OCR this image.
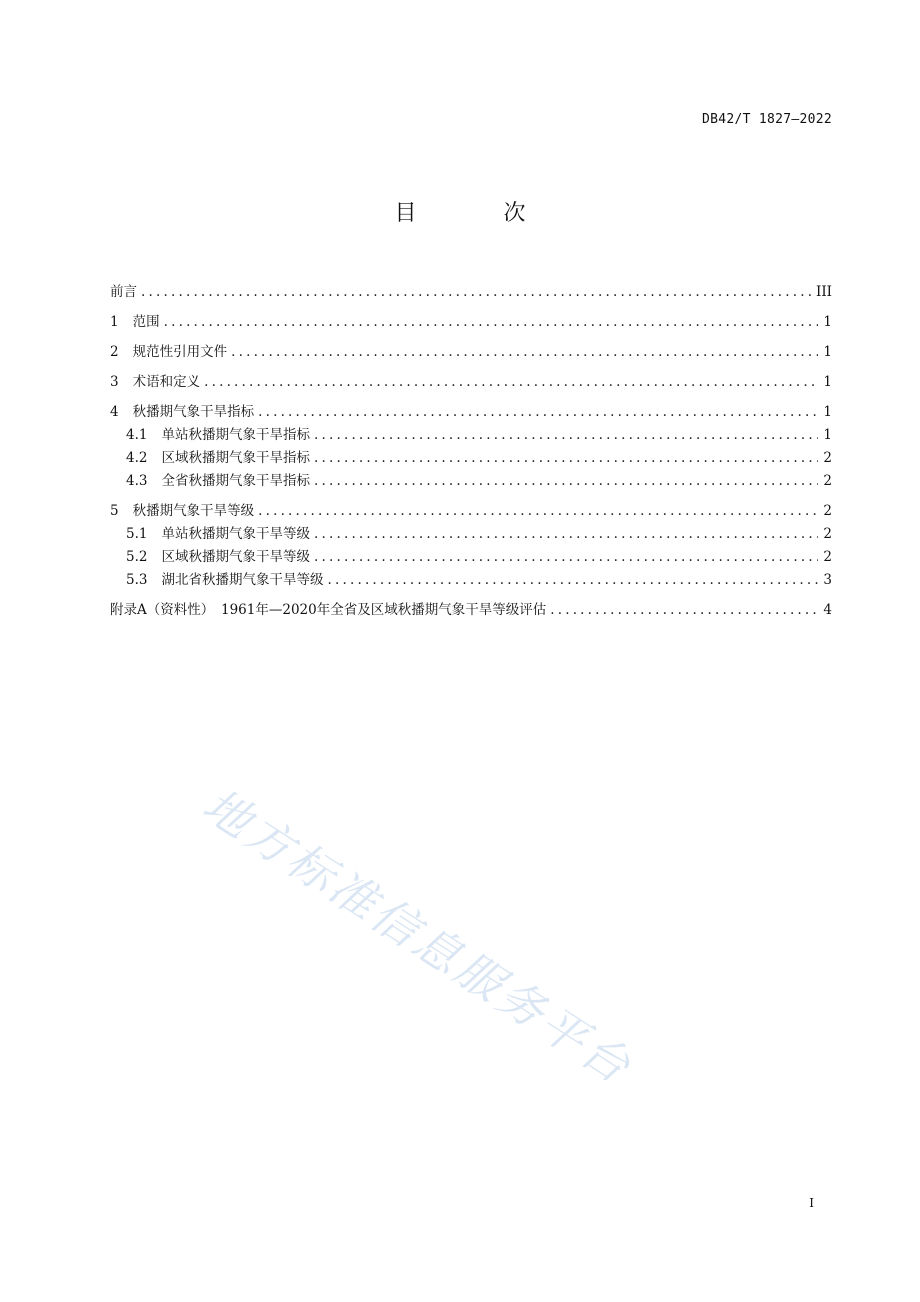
DB42/T 1827—2022
目 次
前言 .....	III
1 范围 .....	1
2 规范性引用文件 .....	1
3 术语和定义 .....	1
4 秋播期气象干旱指标 .....	1
4.1 单站秋播期气象干旱指标 .....	1
4.2 区域秋播期气象干旱指标 .....	2
4.3 全省秋播期气象干旱指标 .....	2
5 秋播期气象干旱等级 .....	2
5.1 单站秋播期气象干旱等级 .....	2
5.2 区域秋播期气象干旱等级 .....	2
5.3 湖北省秋播期气象干旱等级 .....	3
附录A（资料性）　1961年—2020年全省及区域秋播期气象干旱等级评估 .....	4
地方标准信息服务平台
I
